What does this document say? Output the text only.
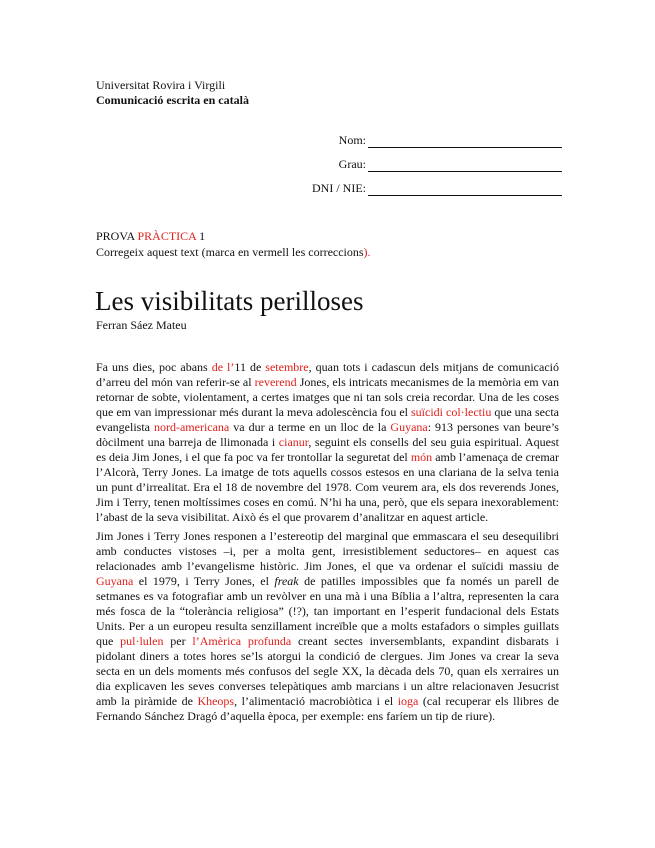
Universitat Rovira i Virgili
Comunicació escrita en català
Nom:
Grau:
DNI / NIE:
PROVA PRÀCTICA 1
Corregeix aquest text (marca en vermell les correccions).
Les visibilitats perilloses
Ferran Sáez Mateu

Fa uns dies, poc abans de l’11 de setembre, quan tots i cadascun dels mitjans de comunicació d’arreu del món van referir-se al reverend Jones, els intricats mecanismes de la memòria em van retornar de sobte, violentament, a certes imatges que ni tan sols creia recordar. Una de les coses que em van impressionar més durant la meva adolescència fou el suïcidi col·lectiu que una secta evangelista nord-americana va dur a terme en un lloc de la Guyana: 913 persones van beure’s dòcilment una barreja de llimonada i cianur, seguint els consells del seu guia espiritual. Aquest es deia Jim Jones, i el que fa poc va fer trontollar la seguretat del món amb l’amenaça de cremar l’Alcorà, Terry Jones. La imatge de tots aquells cossos estesos en una clariana de la selva tenia un punt d’irrealitat. Era el 18 de novembre del 1978. Com veurem ara, els dos reverends Jones, Jim i Terry, tenen moltíssimes coses en comú. N’hi ha una, però, que els separa inexorablement: l’abast de la seva visibilitat. Això és el que provarem d’analitzar en aquest article.

Jim Jones i Terry Jones responen a l’estereotip del marginal que emmascara el seu desequilibri amb conductes vistoses –i, per a molta gent, irresistiblement seductores– en aquest cas relacionades amb l’evangelisme històric. Jim Jones, el que va ordenar el suïcidi massiu de Guyana el 1979, i Terry Jones, el freak de patilles impossibles que fa només un parell de setmanes es va fotografiar amb un revòlver en una mà i una Bíblia a l’altra, representen la cara més fosca de la “tolerància religiosa” (!?), tan important en l’esperit fundacional dels Estats Units. Per a un europeu resulta senzillament increïble que a molts estafadors o simples guillats que pul·lulen per l’Amèrica profunda creant sectes inversemblants, expandint disbarats i pidolant diners a totes hores se’ls atorgui la condició de clergues. Jim Jones va crear la seva secta en un dels moments més confusos del segle XX, la dècada dels 70, quan els xerraires un dia explicaven les seves converses telepàtiques amb marcians i un altre relacionaven Jesucrist amb la piràmide de Kheops, l’alimentació macrobiòtica i el ioga (cal recuperar els llibres de Fernando Sánchez Dragó d’aquella època, per exemple: ens faríem un tip de riure).
